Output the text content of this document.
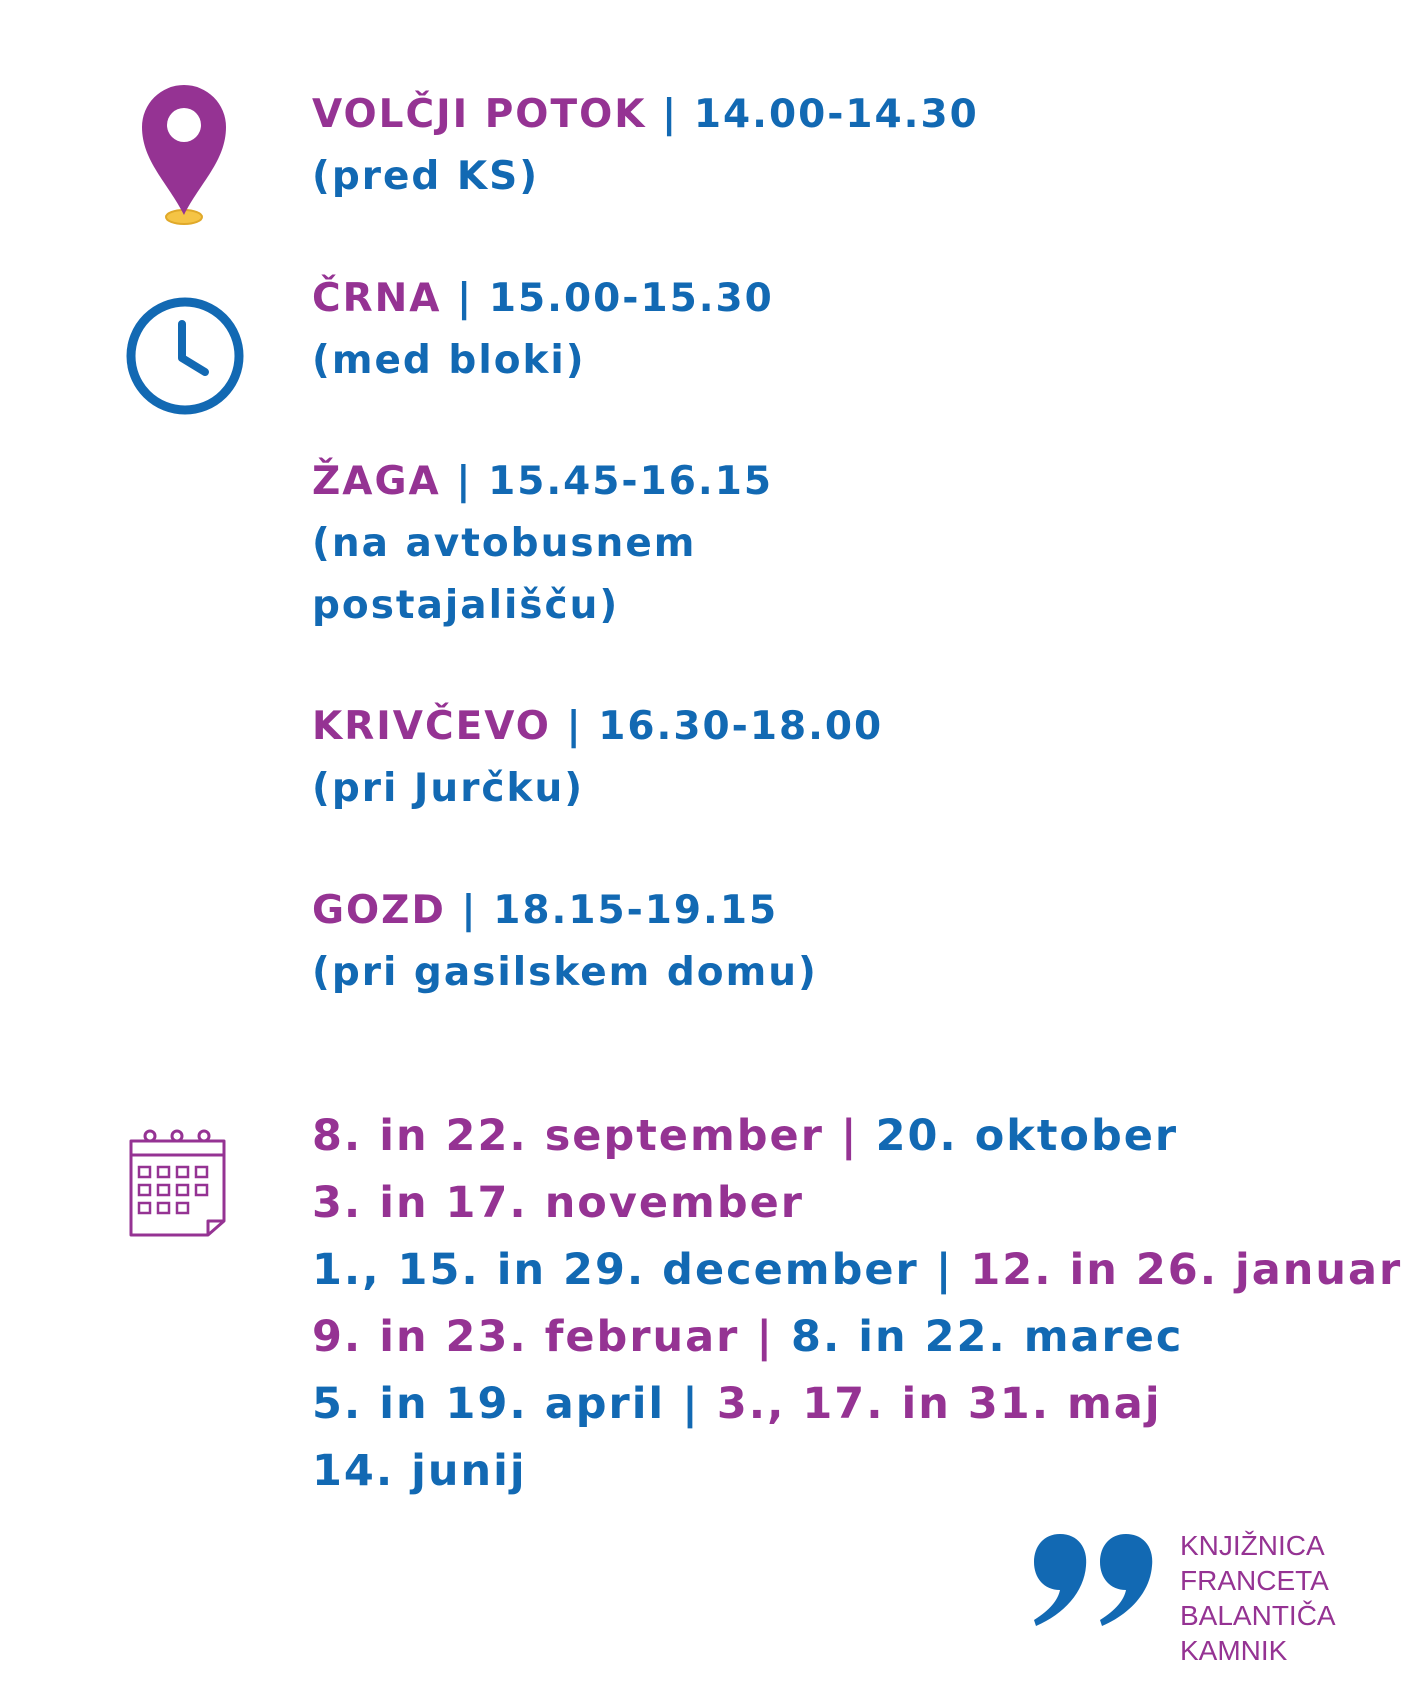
VOLČJI POTOK | 14.00-14.30
(pred KS)
ČRNA | 15.00-15.30
(med bloki)
ŽAGA | 15.45-16.15
(na avtobusnem
postajališču)
KRIVČEVO | 16.30-18.00
(pri Jurčku)
GOZD | 18.15-19.15
(pri gasilskem domu)
8. in 22. september | 20. oktober
3. in 17. november
1., 15. in 29. december | 12. in 26. januar
9. in 23. februar | 8. in 22. marec
5. in 19. april | 3., 17. in 31. maj
14. junij
KNJIŽNICA
FRANCETA
BALANTIČA
KAMNIK
